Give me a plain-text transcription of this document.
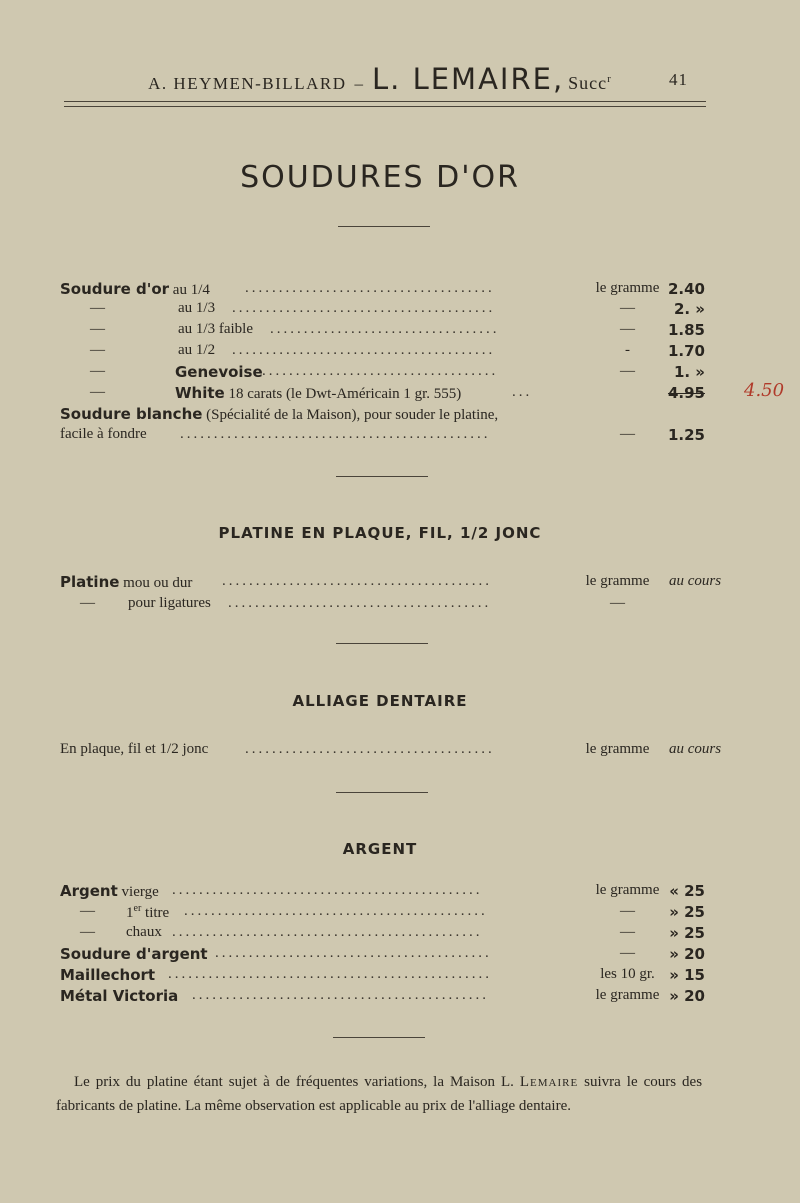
A. HEYMEN-BILLARD – L. LEMAIRE, Succ$^r$	41
SOUDURES D'OR
Soudure d'or au 1/4 .....................................	le gramme 2.40
—	au 1/3 .......................................	—	2. »
—	au 1/3 faible ..................................	—	1.85
—	au 1/2 .......................................	-	1.70
—	Genevoise ...................................	—	1. »
—	White 18 carats (le Dwt-Américain 1 gr. 555)	...	4.95 4.50
Soudure blanche (Spécialité de la Maison), pour souder le platine,
facile à fondre ..............................................	—	1.25
PLATINE EN PLAQUE, FIL, 1/2 JONC
Platine mou ou dur ........................................	le gramme	au cours
— pour ligatures .......................................	—
ALLIAGE DENTAIRE
En plaque, fil et 1/2 jonc .....................................	le gramme	au cours
ARGENT
Argent vierge ..............................................	le gramme « 25
— 1er titre .............................................	—	» 25
— chaux ..............................................	—	» 25
Soudure d'argent .........................................	—	» 20
Maillechort ................................................	les 10 gr. » 15
Métal Victoria ............................................	le gramme » 20
Le prix du platine étant sujet à de fréquentes variations, la Maison L. Lemaire suivra le cours des fabricants de platine. La même observation est applicable au prix de l'alliage dentaire.
